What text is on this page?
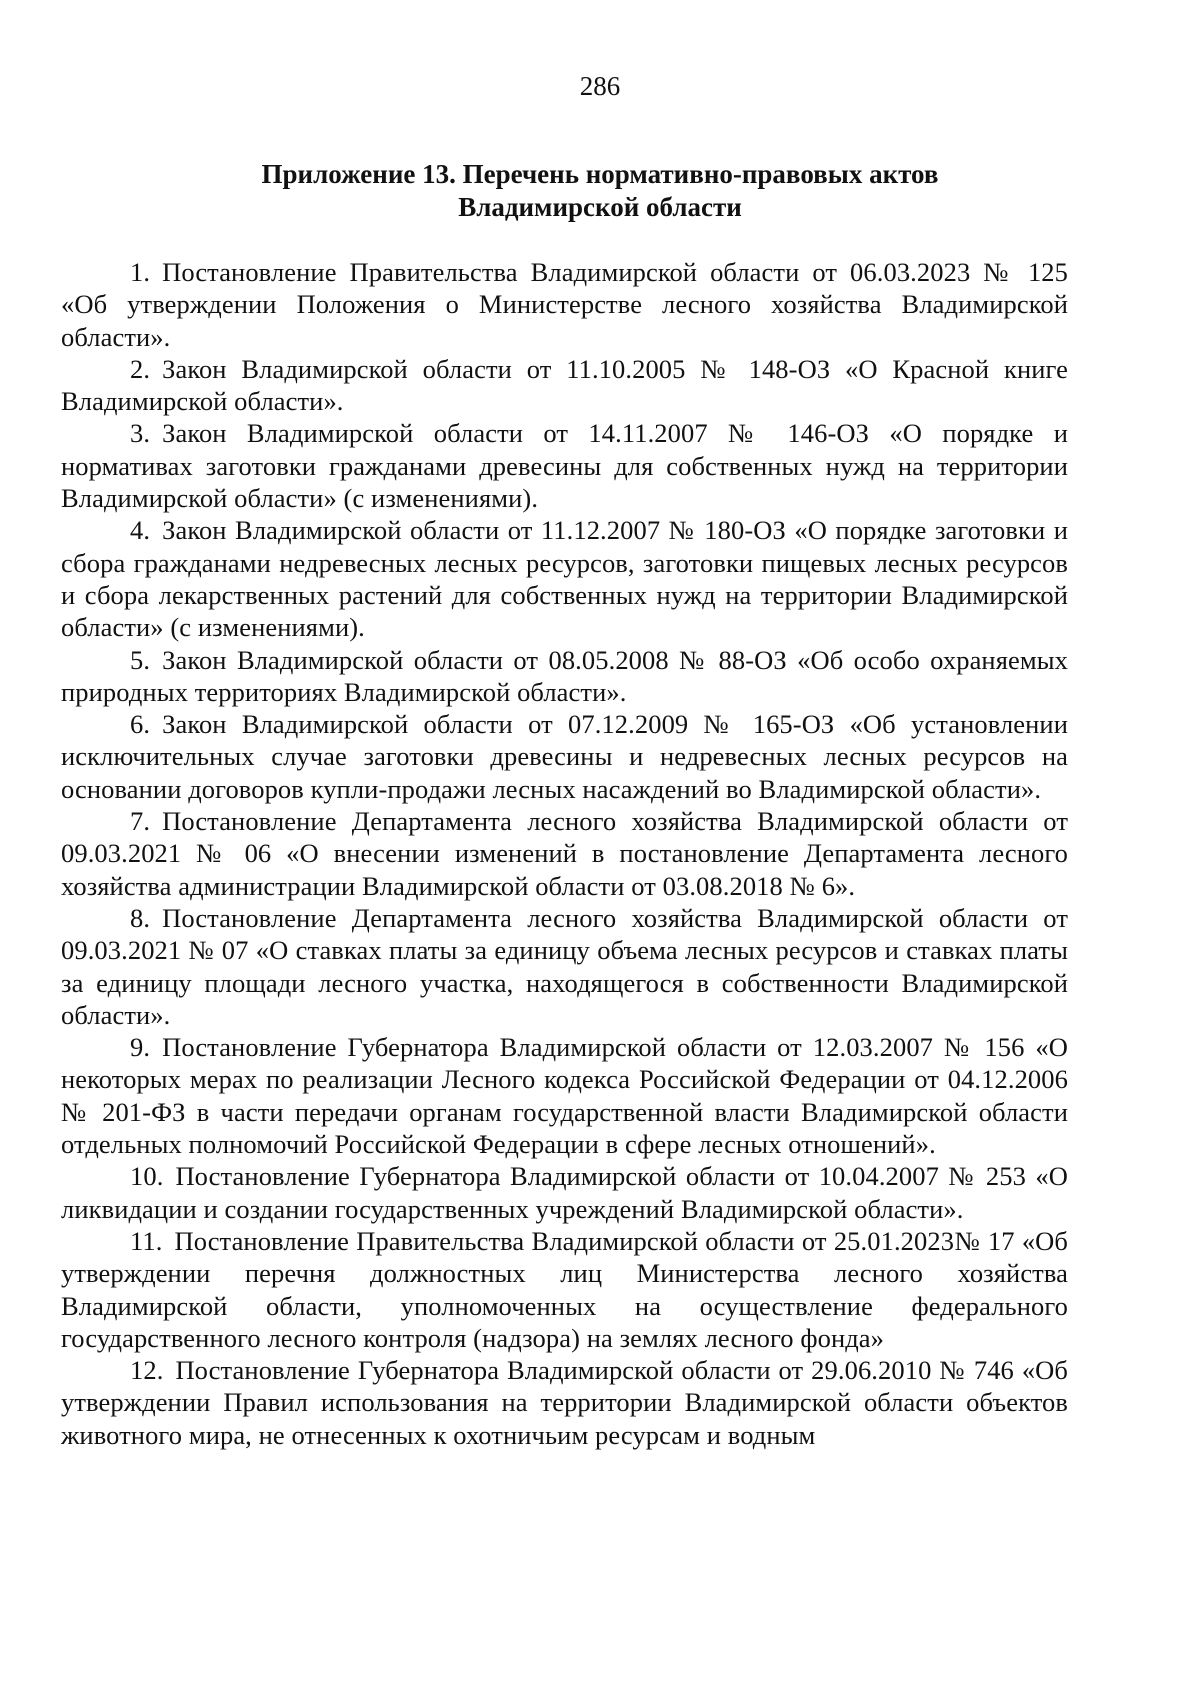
286
Приложение 13. Перечень нормативно-правовых актов
Владимирской области

1. Постановление Правительства Владимирской области от 06.03.2023 № 125 «Об утверждении Положения о Министерстве лесного хозяйства Владимирской области».

2. Закон Владимирской области от 11.10.2005 № 148-ОЗ «О Красной книге Владимирской области».

3. Закон Владимирской области от 14.11.2007 № 146-ОЗ «О порядке и нормативах заготовки гражданами древесины для собственных нужд на территории Владимирской области» (с изменениями).

4. Закон Владимирской области от 11.12.2007 № 180-ОЗ «О порядке заготовки и сбора гражданами недревесных лесных ресурсов, заготовки пищевых лесных ресурсов и сбора лекарственных растений для собственных нужд на территории Владимирской области» (с изменениями).

5. Закон Владимирской области от 08.05.2008 № 88-ОЗ «Об особо охраняемых природных территориях Владимирской области».

6. Закон Владимирской области от 07.12.2009 № 165-ОЗ «Об установлении исключительных случае заготовки древесины и недревесных лесных ресурсов на основании договоров купли-продажи лесных насаждений во Владимирской области».

7. Постановление Департамента лесного хозяйства Владимирской области от 09.03.2021 № 06 «О внесении изменений в постановление Департамента лесного хозяйства администрации Владимирской области от 03.08.2018 № 6».

8. Постановление Департамента лесного хозяйства Владимирской области от 09.03.2021 № 07 «О ставках платы за единицу объема лесных ресурсов и ставках платы за единицу площади лесного участка, находящегося в собственности Владимирской области».

9. Постановление Губернатора Владимирской области от 12.03.2007 № 156 «О некоторых мерах по реализации Лесного кодекса Российской Федерации от 04.12.2006 № 201-ФЗ в части передачи органам государственной власти Владимирской области отдельных полномочий Российской Федерации в сфере лесных отношений».

10. Постановление Губернатора Владимирской области от 10.04.2007 № 253 «О ликвидации и создании государственных учреждений Владимирской области».

11. Постановление Правительства Владимирской области от 25.01.2023№ 17 «Об утверждении перечня должностных лиц Министерства лесного хозяйства Владимирской области, уполномоченных на осуществление федерального государственного лесного контроля (надзора) на землях лесного фонда»

12. Постановление Губернатора Владимирской области от 29.06.2010 № 746 «Об утверждении Правил использования на территории Владимирской области объектов животного мира, не отнесенных к охотничьим ресурсам и водным
